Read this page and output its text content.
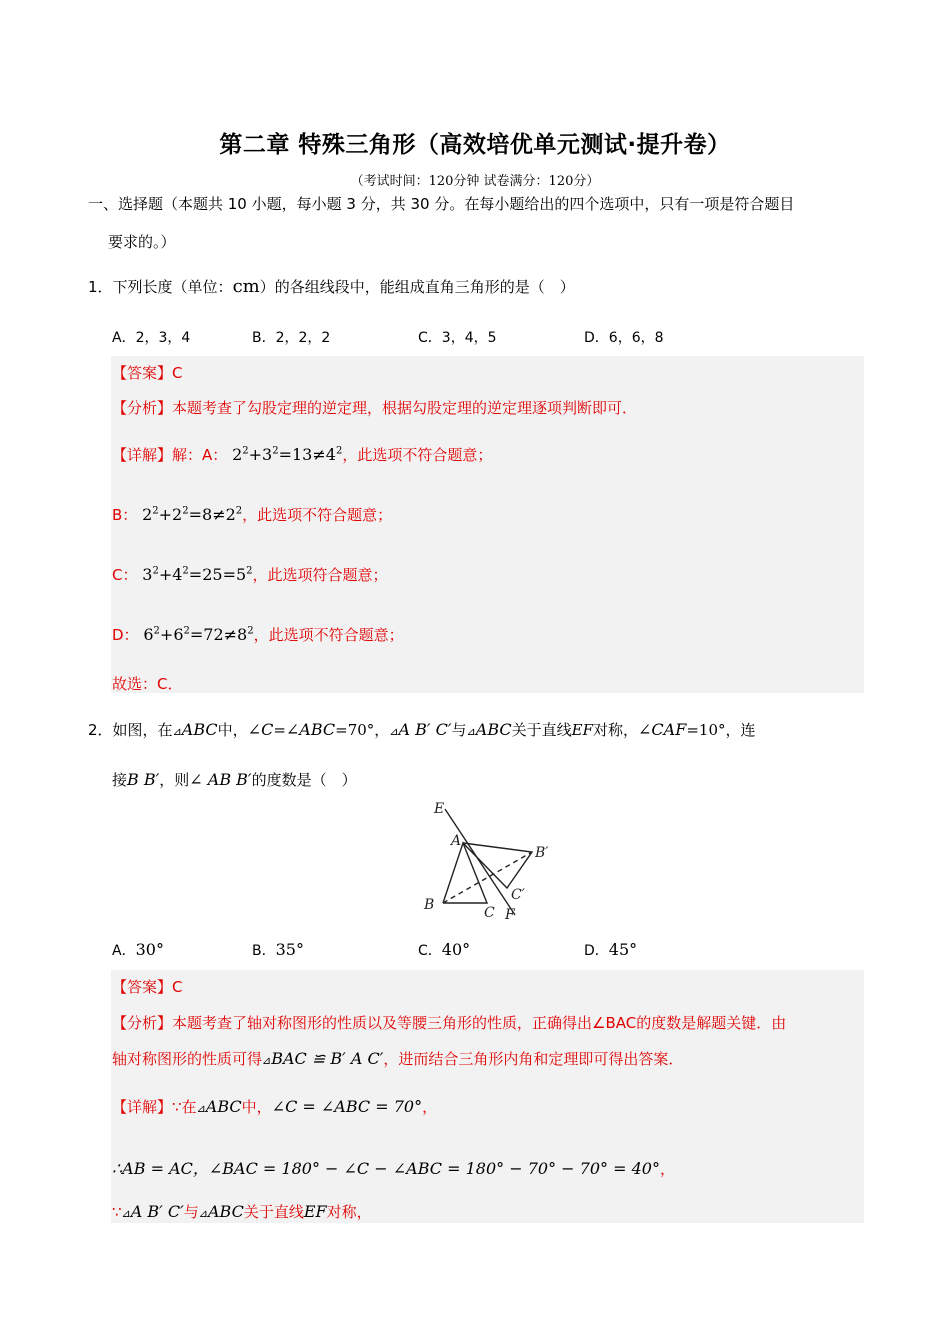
第二章 特殊三角形（高效培优单元测试·提升卷）
（考试时间：120分钟 试卷满分：120分）
一、选择题（本题共 10 小题，每小题 3 分，共 30 分。在每小题给出的四个选项中，只有一项是符合题目
要求的。）
1．下列长度（单位：cm）的各组线段中，能组成直角三角形的是（　）
A．2，3，4	B．2，2，2	C．3，4，5	D．6，6，8
【答案】C
【分析】本题考查了勾股定理的逆定理，根据勾股定理的逆定理逐项判断即可．
【详解】解：A： $2^2+3^2=13\ne 4^2$，此选项不符合题意；
B： $2^2+2^2=8\ne 2^2$，此选项不符合题意；
C： $3^2+4^2=25=5^2$，此选项符合题意；
D： $6^2+6^2=72\ne 8^2$，此选项不符合题意；
故选：C．
2．如图，在⊿ABC中，∠C=∠ABC=70°，⊿A B′ C′与⊿ABC关于直线EF对称，∠CAF=10°，连
接B B′，则∠ AB B′的度数是（　）
E
A
B′
C′
B	C F
A．30°	B．35°	C．40°	D．45°
【答案】C
【分析】本题考查了轴对称图形的性质以及等腰三角形的性质，正确得出∠BAC的度数是解题关键．由
轴对称图形的性质可得⊿BAC ≌ B′ A C′，进而结合三角形内角和定理即可得出答案．
【详解】∵在⊿ABC中，∠C = ∠ABC = 70°，
∴AB = AC，∠BAC = 180° − ∠C − ∠ABC = 180° − 70° − 70° = 40°，
∵⊿A B′ C′与⊿ABC关于直线EF对称，
